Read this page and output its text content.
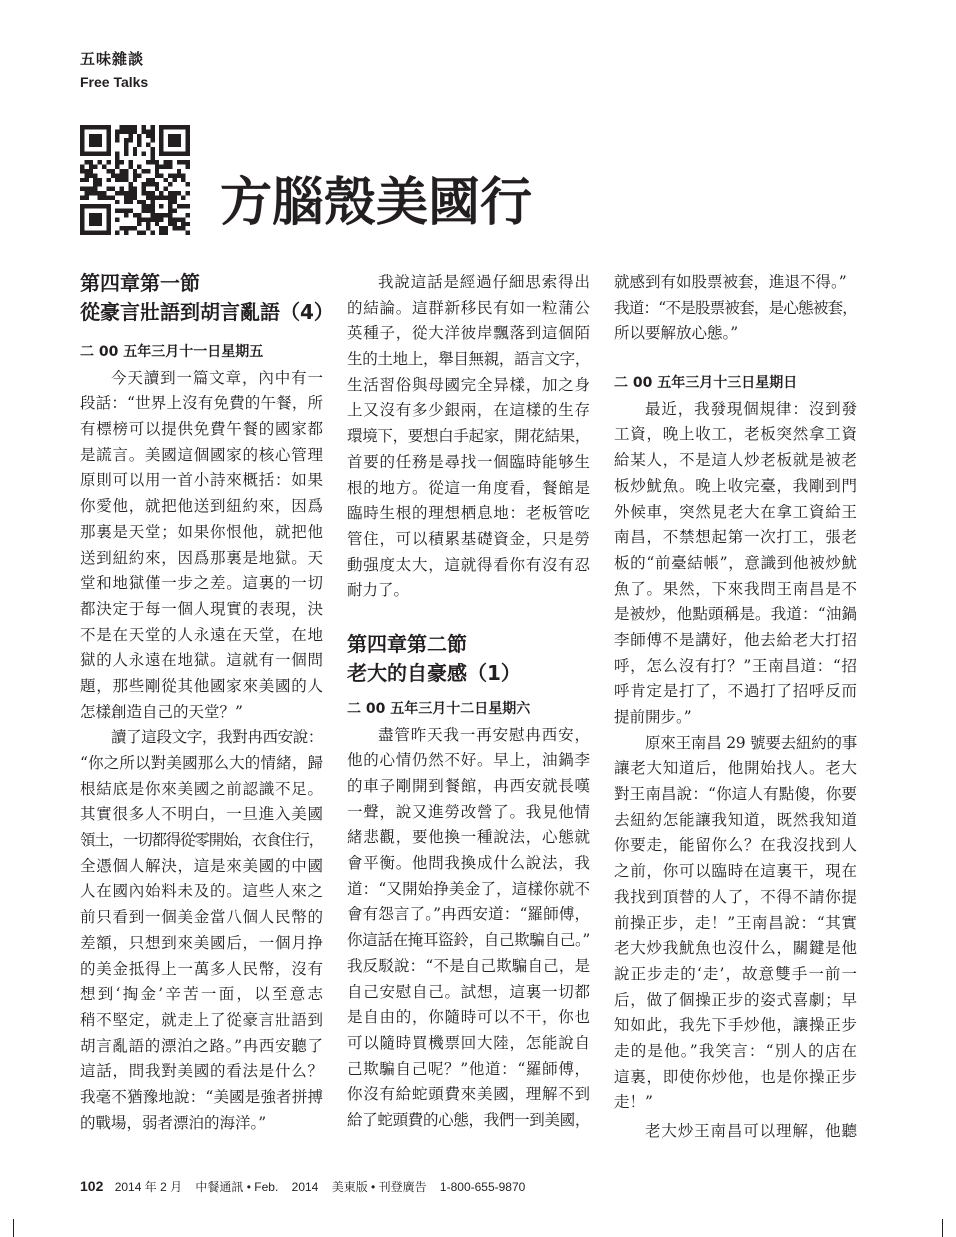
五味雜談
Free Talks
方腦殼美國行
第四章第一節
從豪言壯語到胡言亂語（4）
二 00 五年三月十一日星期五
今天讀到一篇文章，內中有一
段話：“世界上沒有免費的午餐，所
有標榜可以提供免費午餐的國家都
是謊言。美國這個國家的核心管理
原則可以用一首小詩來概括：如果
你愛他，就把他送到紐約來，因爲
那裏是天堂；如果你恨他，就把他
送到紐約來，因爲那裏是地獄。天
堂和地獄僅一步之差。這裏的一切
都決定于每一個人現實的表現，決
不是在天堂的人永遠在天堂，在地
獄的人永遠在地獄。這就有一個問
題，那些剛從其他國家來美國的人
怎樣創造自己的天堂？”
讀了這段文字，我對冉西安說：
“你之所以對美國那么大的情緒，歸
根結底是你來美國之前認識不足。
其實很多人不明白，一旦進入美國
領土，一切都得從零開始，衣食住行，
全憑個人解決，這是來美國的中國
人在國內始料未及的。這些人來之
前只看到一個美金當八個人民幣的
差額，只想到來美國后，一個月挣
的美金抵得上一萬多人民幣，沒有
想到‘掏金’辛苦一面，以至意志
稍不堅定，就走上了從豪言壯語到
胡言亂語的漂泊之路。”冉西安聽了
這話，問我對美國的看法是什么？
我毫不猶豫地說：“美國是強者拼搏
的戰場，弱者漂泊的海洋。”
我說這話是經過仔細思索得出
的結論。這群新移民有如一粒蒲公
英種子，從大洋彼岸飄落到這個陌
生的土地上，舉目無親，語言文字，
生活習俗與母國完全异樣，加之身
上又沒有多少銀兩，在這樣的生存
環境下，要想白手起家，開花結果，
首要的任務是尋找一個臨時能够生
根的地方。從這一角度看，餐館是
臨時生根的理想栖息地：老板管吃
管住，可以積累基礎資金，只是勞
動强度太大，這就得看你有沒有忍
耐力了。
第四章第二節
老大的自豪感（1）
二 00 五年三月十二日星期六
盡管昨天我一再安慰冉西安，
他的心情仍然不好。早上，油鍋李
的車子剛開到餐館，冉西安就長嘆
一聲，說又進勞改營了。我見他情
緒悲觀，要他換一種說法，心態就
會平衡。他問我換成什么說法，我
道：“又開始挣美金了，這樣你就不
會有怨言了。”冉西安道：“羅師傅，
你這話在掩耳盜鈴，自己欺騙自己。”
我反駁說：“不是自己欺騙自己，是
自己安慰自己。試想，這裏一切都
是自由的，你隨時可以不干，你也
可以隨時買機票回大陸，怎能說自
己欺騙自己呢？”他道：“羅師傅，
你沒有給蛇頭費來美國，理解不到
給了蛇頭費的心態，我們一到美國，
就感到有如股票被套，進退不得。”
我道：“不是股票被套，是心態被套，
所以要解放心態。”
二 00 五年三月十三日星期日
最近，我發現個規律：沒到發
工資，晚上收工，老板突然拿工資
給某人，不是這人炒老板就是被老
板炒魷魚。晚上收完臺，我剛到門
外候車，突然見老大在拿工資給王
南昌，不禁想起第一次打工，張老
板的“前臺結帳”，意識到他被炒魷
魚了。果然，下來我問王南昌是不
是被炒，他點頭稱是。我道：“油鍋
李師傅不是講好，他去給老大打招
呼，怎么沒有打？”王南昌道：“招
呼肯定是打了，不過打了招呼反而
提前開步。”
原來王南昌 29 號要去紐約的事
讓老大知道后，他開始找人。老大
對王南昌說：“你這人有點傻，你要
去紐約怎能讓我知道，既然我知道
你要走，能留你么？在我沒找到人
之前，你可以臨時在這裏干，現在
我找到頂替的人了，不得不請你提
前操正步，走！”王南昌說：“其實
老大炒我魷魚也沒什么，關鍵是他
說正步走的‘走’，故意雙手一前一
后，做了個操正步的姿式喜劇；早
知如此，我先下手炒他，讓操正步
走的是他。”我笑言：“別人的店在
這裏，即使你炒他，也是你操正步
走！”
老大炒王南昌可以理解，他聽
102 2014 年 2 月 中餐通訊 • Feb. 2014 美東版 • 刊登廣告 1-800-655-9870
